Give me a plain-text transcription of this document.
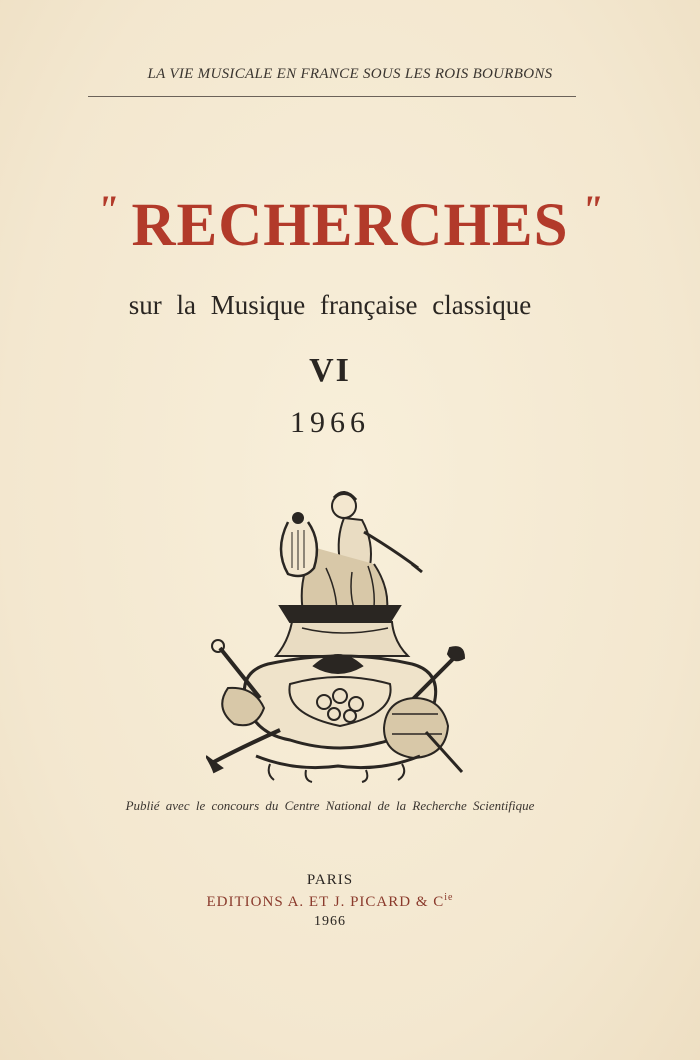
LA VIE MUSICALE EN FRANCE SOUS LES ROIS BOURBONS
" RECHERCHES "
sur la Musique française classique
VI
1966
Publié avec le concours du Centre National de la Recherche Scientifique
PARIS
EDITIONS A. ET J. PICARD & $C^{ie}$
1966
